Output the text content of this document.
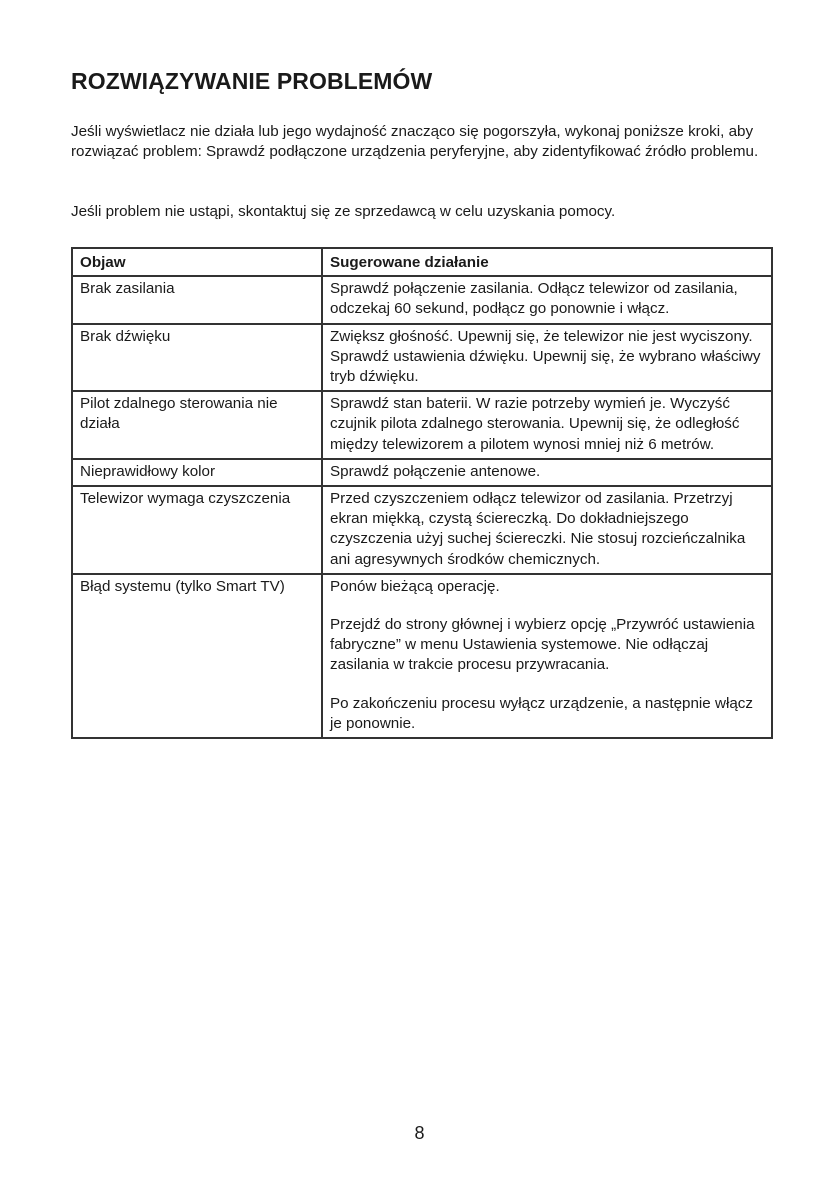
ROZWIĄZYWANIE PROBLEMÓW

Jeśli wyświetlacz nie działa lub jego wydajność znacząco się pogorszyła, wykonaj poniższe kroki, aby rozwiązać problem: Sprawdź podłączone urządzenia peryferyjne, aby zidentyfikować źródło problemu.

Jeśli problem nie ustąpi, skontaktuj się ze sprzedawcą w celu uzyskania pomocy.

Objaw	Sugerowane działanie
Brak zasilania	Sprawdź połączenie zasilania. Odłącz telewizor od zasilania, odczekaj 60 sekund, podłącz go ponownie i włącz.

Brak dźwięku	Zwiększ głośność. Upewnij się, że telewizor nie jest wyciszony. Sprawdź ustawienia dźwięku. Upewnij się, że wybrano właściwy tryb dźwięku.

Pilot zdalnego sterowania nie działa	Sprawdź stan baterii. W razie potrzeby wymień je. Wyczyść czujnik pilota zdalnego sterowania. Upewnij się, że odległość między telewizorem a pilotem wynosi mniej niż 6 metrów.

Nieprawidłowy kolor	Sprawdź połączenie antenowe.

Telewizor wymaga czyszczenia	Przed czyszczeniem odłącz telewizor od zasilania. Przetrzyj ekran miękką, czystą ściereczką. Do dokładniejszego czyszczenia użyj suchej ściereczki. Nie stosuj rozcieńczalnika ani agresywnych środków chemicznych.

Błąd systemu (tylko Smart TV)	Ponów bieżącą operację.

Przejdź do strony głównej i wybierz opcję „Przywróć ustawienia fabryczne” w menu Ustawienia systemowe. Nie odłączaj zasilania w trakcie procesu przywracania.

Po zakończeniu procesu wyłącz urządzenie, a następnie włącz je ponownie.

8
